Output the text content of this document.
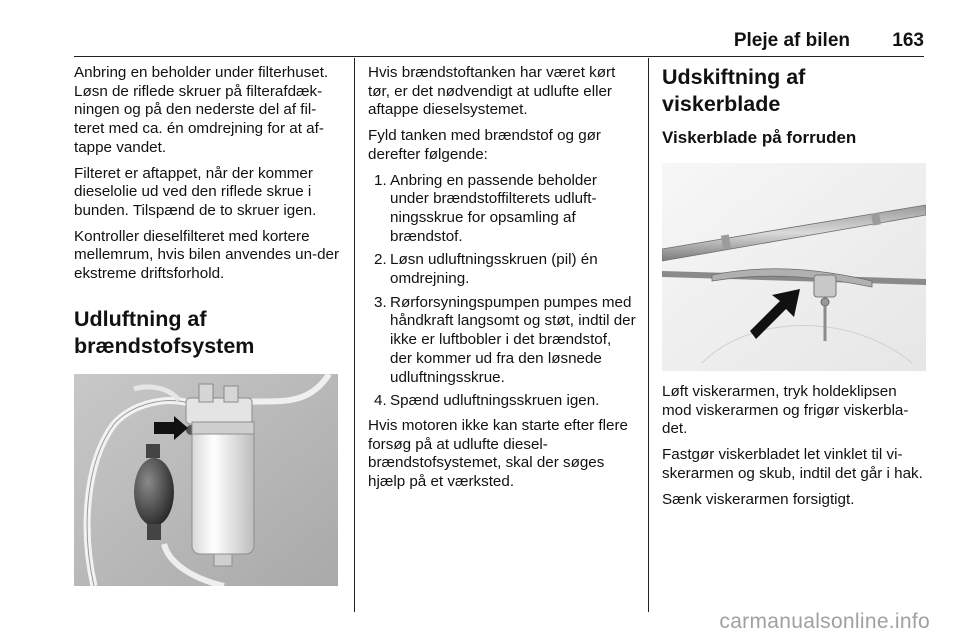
Pleje af bilen 163

Anbring en beholder under filterhuset. Løsn de riflede skruer på filterafdæk-ningen og på den nederste del af fil-teret med ca. én omdrejning for at af-tappe vandet.

Filteret er aftappet, når der kommer dieselolie ud ved den riflede skrue i bunden. Tilspænd de to skruer igen.

Kontroller dieselfilteret med kortere mellemrum, hvis bilen anvendes un-der ekstreme driftsforhold.

Udluftning af brændstofsystem

Hvis brændstoftanken har været kørt tør, er det nødvendigt at udlufte eller aftappe dieselsystemet.

Fyld tanken med brændstof og gør derefter følgende:

1. Anbring en passende beholder under brændstoffilterets udluft-ningsskrue for opsamling af brændstof.
2. Løsn udluftningsskruen (pil) én omdrejning.
3. Rørforsyningspumpen pumpes med håndkraft langsomt og støt, indtil der ikke er luftbobler i det brændstof, der kommer ud fra den løsnede udluftningsskrue.
4. Spænd udluftningsskruen igen.

Hvis motoren ikke kan starte efter flere forsøg på at udlufte diesel-brændstofsystemet, skal der søges hjælp på et værksted.

Udskiftning af viskerblade
Viskerblade på forruden

Løft viskerarmen, tryk holdeklipsen mod viskerarmen og frigør viskerbla-det.

Fastgør viskerbladet let vinklet til vi-skerarmen og skub, indtil det går i hak.

Sænk viskerarmen forsigtigt.

carmanualsonline.info
